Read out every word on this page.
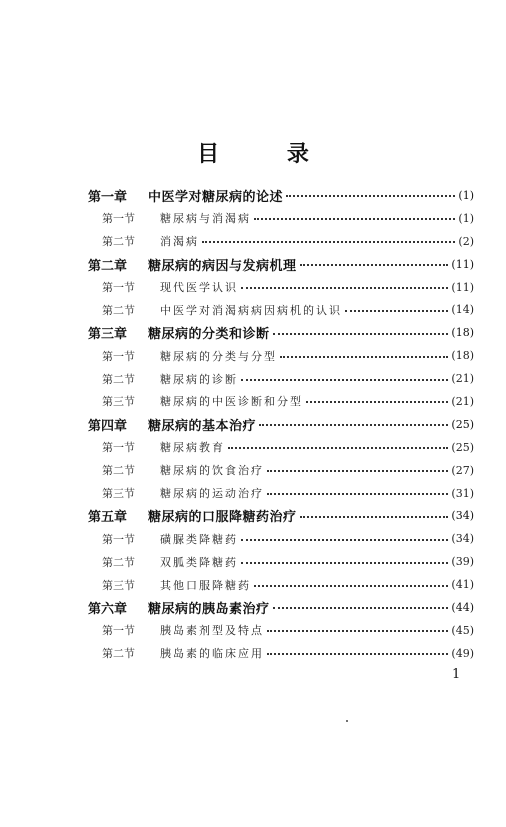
目 录
第一章	中医学对糖尿病的论述	(1)
第一节	糖尿病与消渴病	(1)
第二节	消渴病	(2)
第二章	糖尿病的病因与发病机理	(11)
第一节	现代医学认识	(11)
第二节	中医学对消渴病病因病机的认识	(14)
第三章	糖尿病的分类和诊断	(18)
第一节	糖尿病的分类与分型	(18)
第二节	糖尿病的诊断	(21)
第三节	糖尿病的中医诊断和分型	(21)
第四章	糖尿病的基本治疗	(25)
第一节	糖尿病教育	(25)
第二节	糖尿病的饮食治疗	(27)
第三节	糖尿病的运动治疗	(31)
第五章	糖尿病的口服降糖药治疗	(34)
第一节	磺脲类降糖药	(34)
第二节	双胍类降糖药	(39)
第三节	其他口服降糖药	(41)
第六章	糖尿病的胰岛素治疗	(44)
第一节	胰岛素剂型及特点	(45)
第二节	胰岛素的临床应用	(49)
1
